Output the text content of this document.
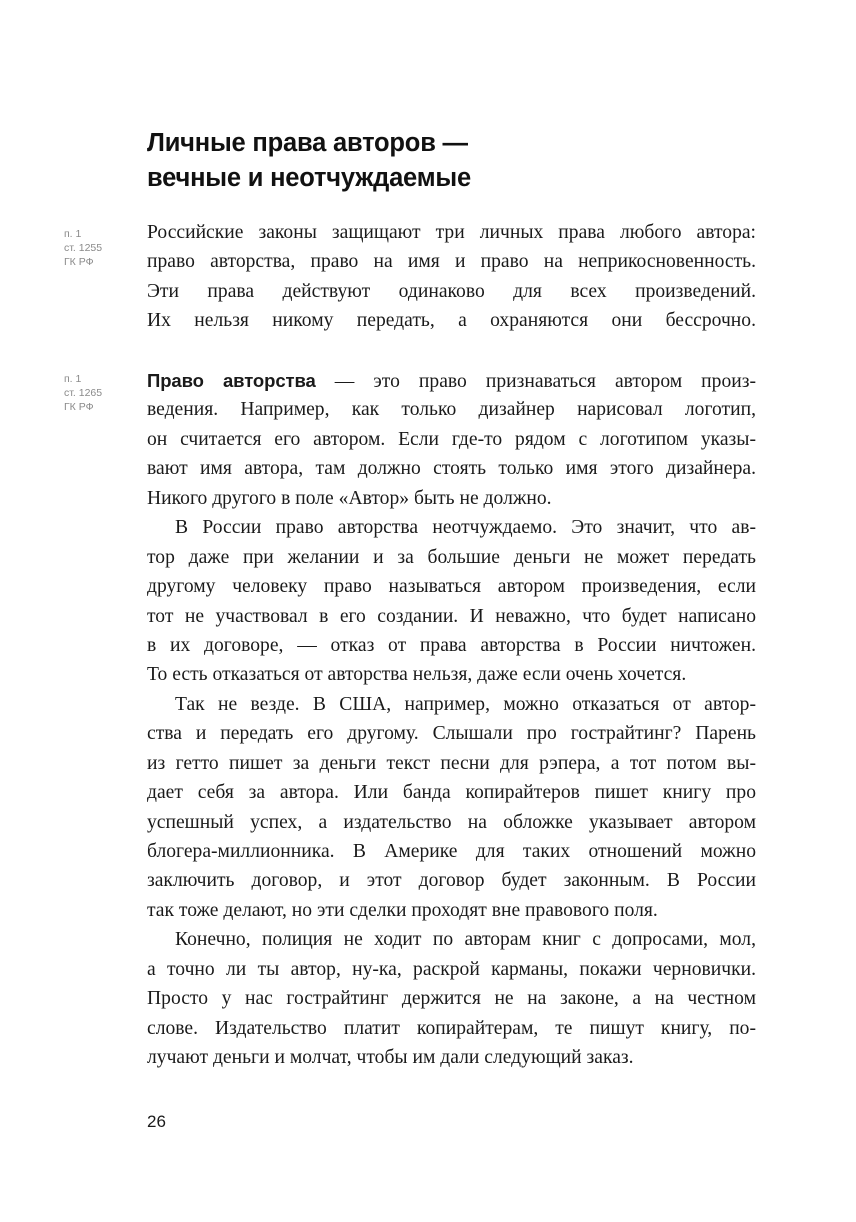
Личные права авторов —
вечные и неотчуждаемые
п. 1
ст. 1255
ГК РФ
п. 1
ст. 1265
ГК РФ
Российские законы защищают три личных права любого автора:
право авторства, право на имя и право на неприкосновенность.
Эти права действуют одинаково для всех произведений.
Их нельзя никому передать, а охраняются они бессрочно.
Право авторства — это право признаваться автором произ-
ведения. Например, как только дизайнер нарисовал логотип,
он считается его автором. Если где-то рядом с логотипом указы-
вают имя автора, там должно стоять только имя этого дизайнера.
Никого другого в поле «Автор» быть не должно.
В России право авторства неотчуждаемо. Это значит, что ав-
тор даже при желании и за большие деньги не может передать
другому человеку право называться автором произведения, если
тот не участвовал в его создании. И неважно, что будет написано
в их договоре, — отказ от права авторства в России ничтожен.
То есть отказаться от авторства нельзя, даже если очень хочется.
Так не везде. В США, например, можно отказаться от автор-
ства и передать его другому. Слышали про гострайтинг? Парень
из гетто пишет за деньги текст песни для рэпера, а тот потом вы-
дает себя за автора. Или банда копирайтеров пишет книгу про
успешный успех, а издательство на обложке указывает автором
блогера-миллионника. В Америке для таких отношений можно
заключить договор, и этот договор будет законным. В России
так тоже делают, но эти сделки проходят вне правового поля.
Конечно, полиция не ходит по авторам книг с допросами, мол,
а точно ли ты автор, ну-ка, раскрой карманы, покажи черновички.
Просто у нас гострайтинг держится не на законе, а на честном
слове. Издательство платит копирайтерам, те пишут книгу, по-
лучают деньги и молчат, чтобы им дали следующий заказ.
26
